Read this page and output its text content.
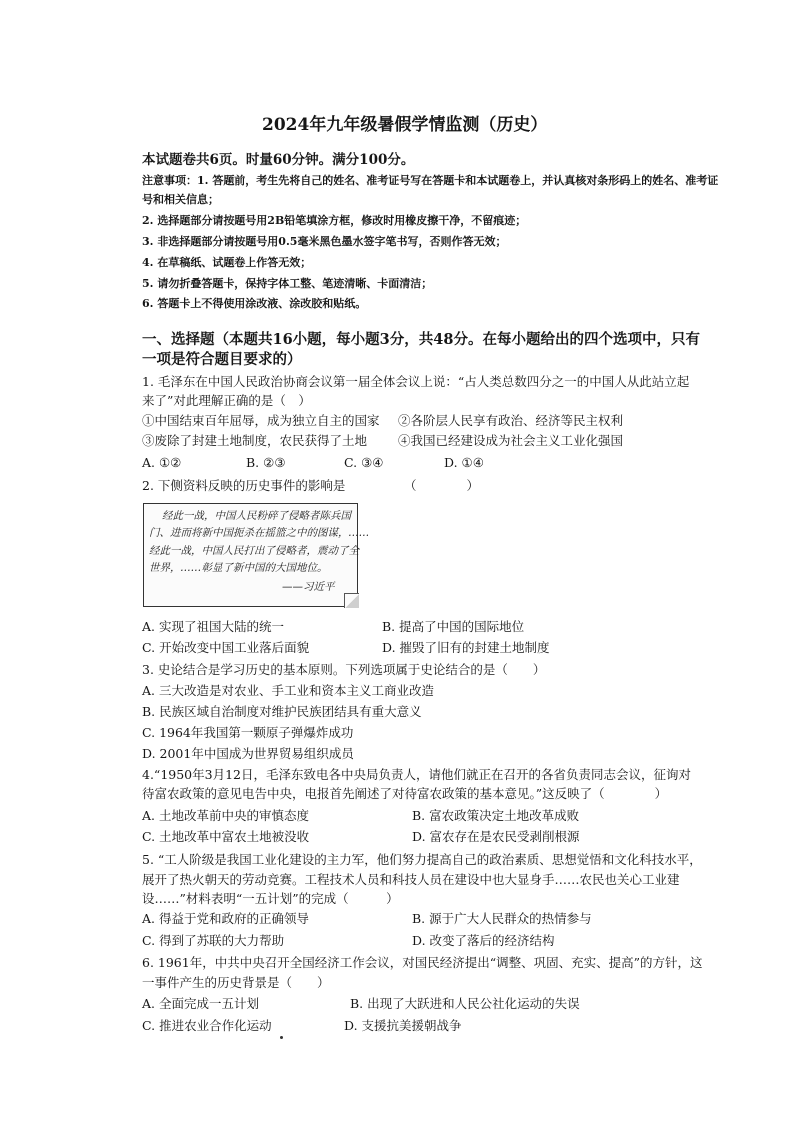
2024年九年级暑假学情监测（历史）
本试题卷共6页。时量60分钟。满分100分。
注意事项：1. 答题前，考生先将自己的姓名、准考证号写在答题卡和本试题卷上，并认真核对条形码上的姓名、准考证
号和相关信息；
2. 选择题部分请按题号用2B铅笔填涂方框，修改时用橡皮擦干净，不留痕迹；
3. 非选择题部分请按题号用0.5毫米黑色墨水签字笔书写，否则作答无效；
4. 在草稿纸、试题卷上作答无效；
5. 请勿折叠答题卡，保持字体工整、笔迹清晰、卡面清洁；
6. 答题卡上不得使用涂改液、涂改胶和贴纸。
一、选择题（本题共16小题，每小题3分，共48分。在每小题给出的四个选项中，只有
一项是符合题目要求的）
1. 毛泽东在中国人民政治协商会议第一届全体会议上说：“占人类总数四分之一的中国人从此站立起
来了”对此理解正确的是（　）
①中国结束百年屈辱，成为独立自主的国家 ②各阶层人民享有政治、经济等民主权利
③废除了封建土地制度，农民获得了土地 ④我国已经建设成为社会主义工业化强国
A. ①②	B. ②③	C. ③④	D. ①④
2. 下侧资料反映的历史事件的影响是	（　　　　）
经此一战，中国人民粉碎了侵略者陈兵国
门、进而将新中国扼杀在摇篮之中的图谋，……
经此一战，中国人民打出了侵略者，震动了全
世界，……彰显了新中国的大国地位。
——习近平
A. 实现了祖国大陆的统一	B. 提高了中国的国际地位
C. 开始改变中国工业落后面貌	D. 摧毁了旧有的封建土地制度
3. 史论结合是学习历史的基本原则。下列选项属于史论结合的是（　　）
A. 三大改造是对农业、手工业和资本主义工商业改造
B. 民族区域自治制度对维护民族团结具有重大意义
C. 1964年我国第一颗原子弹爆炸成功
D. 2001年中国成为世界贸易组织成员
4.“1950年3月12日，毛泽东致电各中央局负责人，请他们就正在召开的各省负责同志会议，征询对
待富农政策的意见电告中央，电报首先阐述了对待富农政策的基本意见。”这反映了（　　　　）
A. 土地改革前中央的审慎态度	B. 富农政策决定土地改革成败
C. 土地改革中富农土地被没收	D. 富农存在是农民受剥削根源
5. “工人阶级是我国工业化建设的主力军，他们努力提高自己的政治素质、思想觉悟和文化科技水平，
展开了热火朝天的劳动竞赛。工程技术人员和科技人员在建设中也大显身手……农民也关心工业建
设……”材料表明“一五计划”的完成（　　　）
A. 得益于党和政府的正确领导	B. 源于广大人民群众的热情参与
C. 得到了苏联的大力帮助	D. 改变了落后的经济结构
6. 1961年，中共中央召开全国经济工作会议，对国民经济提出“调整、巩固、充实、提高”的方针，这
一事件产生的历史背景是（　　）
A. 全面完成一五计划	B. 出现了大跃进和人民公社化运动的失误
C. 推进农业合作化运动	D. 支援抗美援朝战争
